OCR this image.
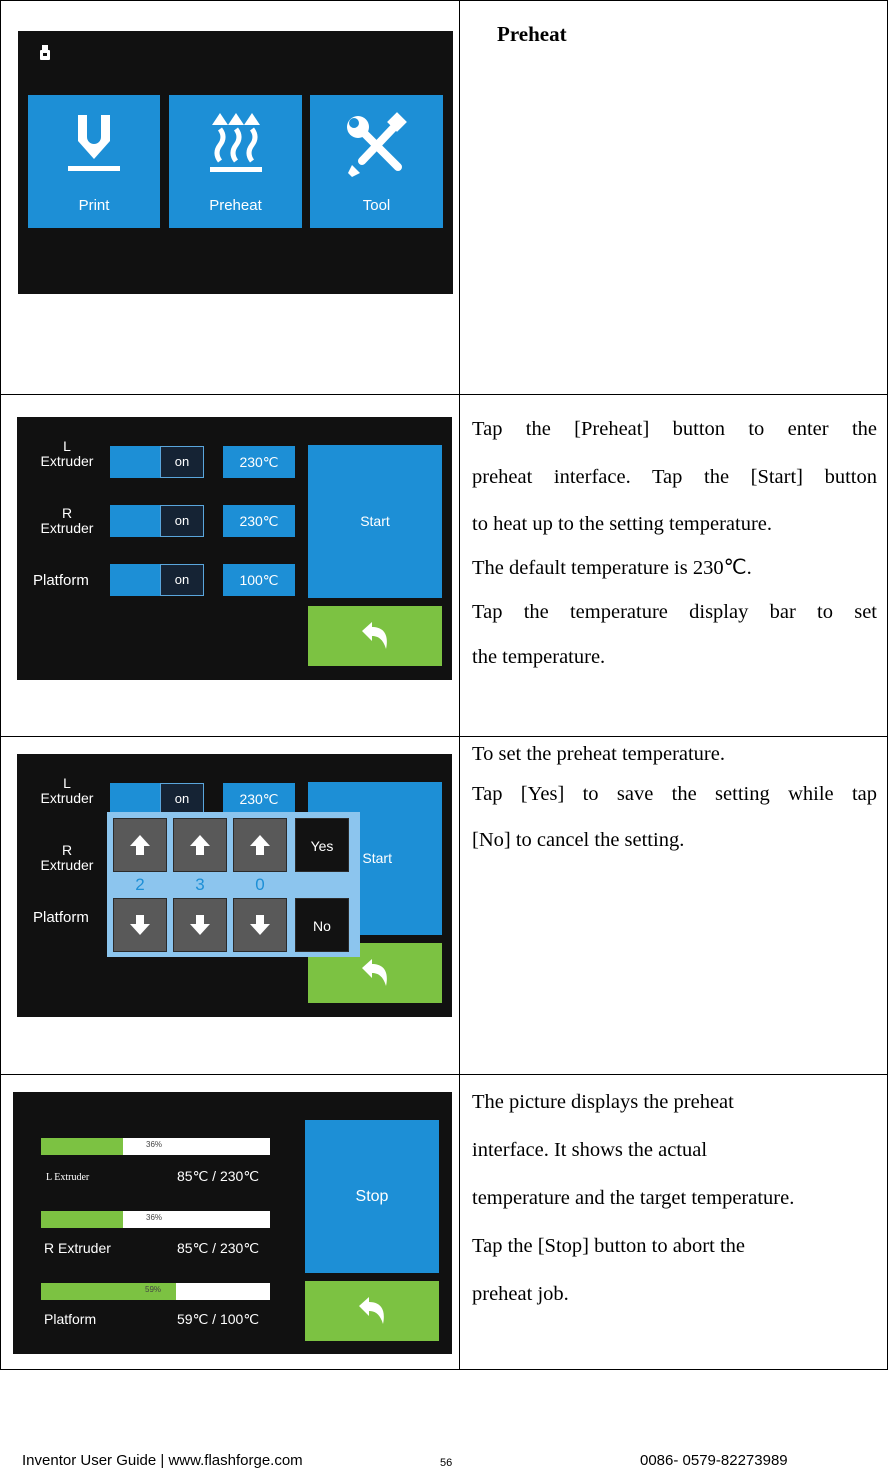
Preheat
Print	Preheat	Tool
L
Extruder	on	230℃
R
Extruder	on	230℃
Platform	on	100℃
Start
L
Extruder	on	230℃
R
Extruder
Platform
Start
Yes
2	3	0
No
36%
L Extruder	85℃ / 230℃
36%
R Extruder	85℃ / 230℃
59%
Platform	59℃ / 100℃
Stop

Tap the [Preheat] button to enter the

preheat interface. Tap the [Start] button

to heat up to the setting temperature.

The default temperature is 230℃.

Tap the temperature display bar to set

the temperature.

To set the preheat temperature.

Tap [Yes] to save the setting while tap

[No] to cancel the setting.

The picture displays the preheat

interface. It shows the actual

temperature and the target temperature.

Tap the [Stop] button to abort the

preheat job.

Inventor User Guide | www.flashforge.com	56	0086- 0579-82273989
